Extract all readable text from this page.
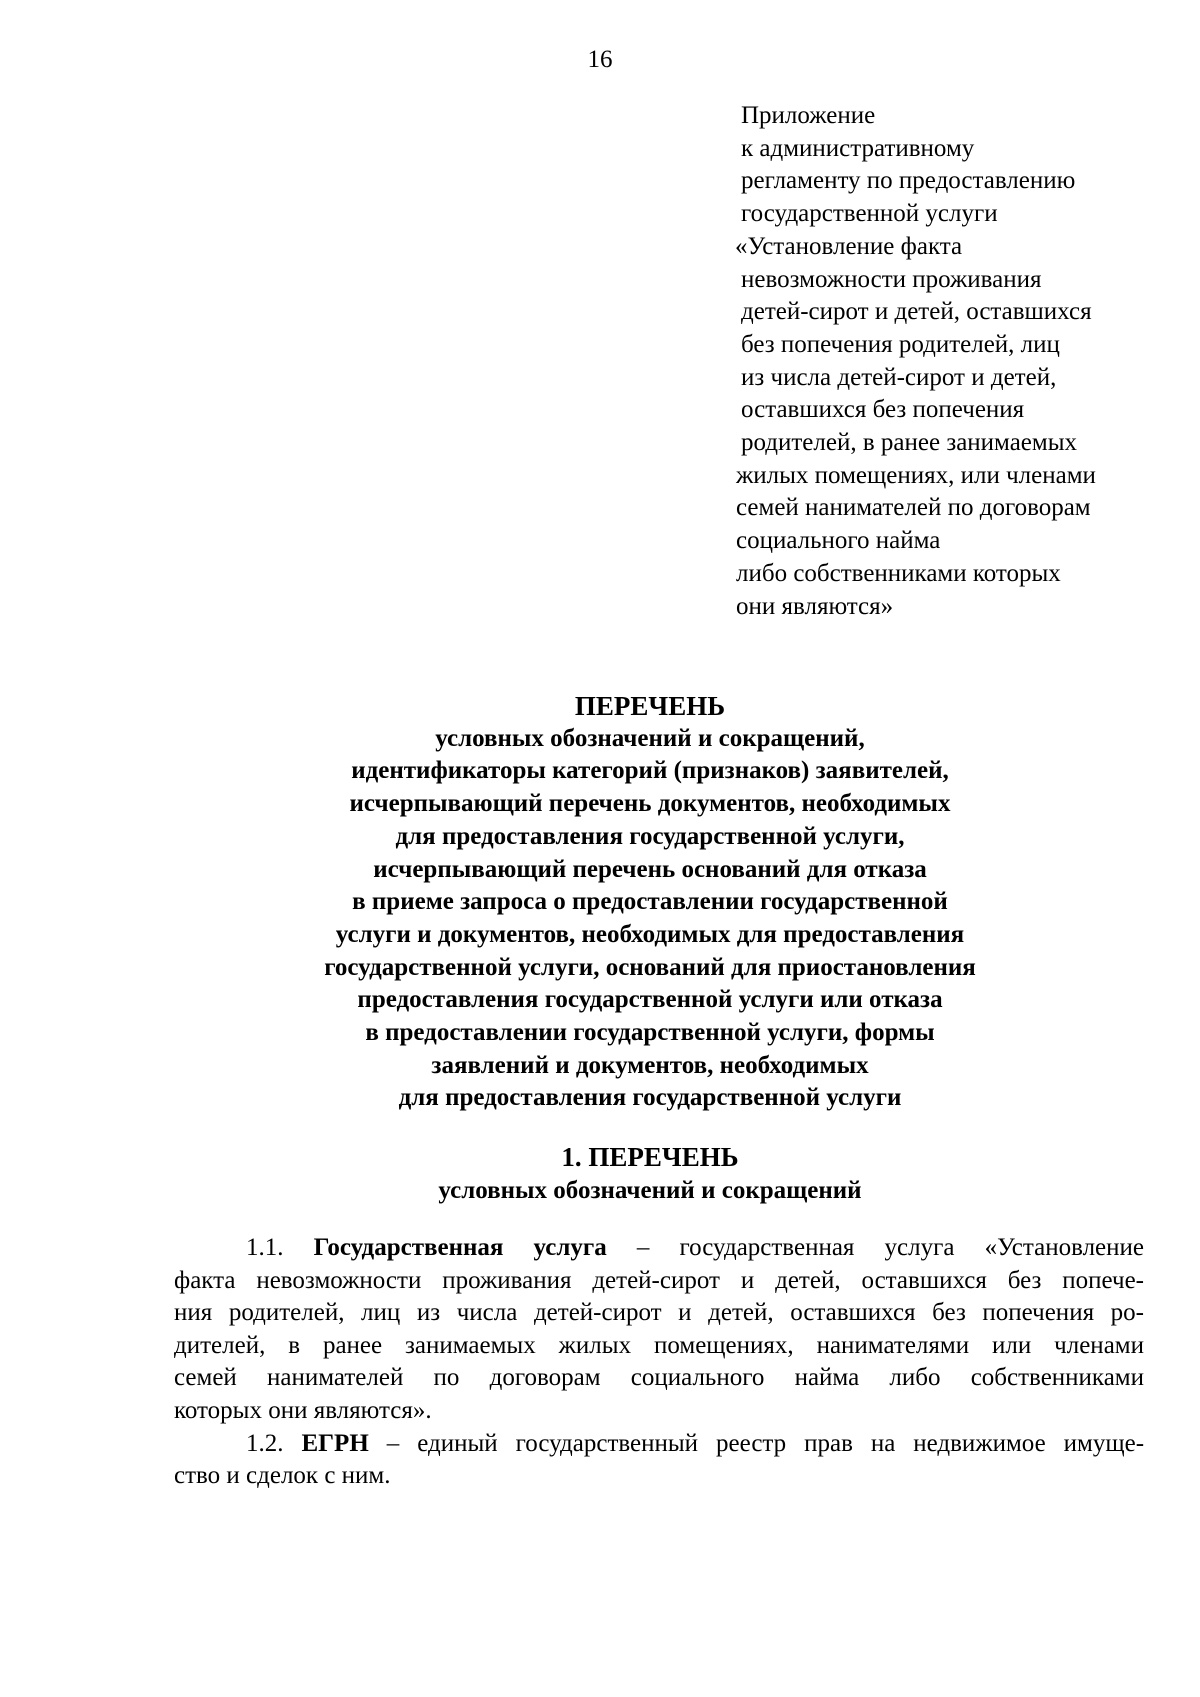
16
Приложение
к административному
регламенту по предоставлению
государственной услуги
«Установление факта
невозможности проживания
детей-сирот и детей, оставшихся
без попечения родителей, лиц
из числа детей-сирот и детей,
оставшихся без попечения
родителей, в ранее занимаемых
жилых помещениях, или членами
семей нанимателей по договорам
социального найма
либо собственниками которых
они являются»
ПЕРЕЧЕНЬ
условных обозначений и сокращений,
идентификаторы категорий (признаков) заявителей,
исчерпывающий перечень документов, необходимых
для предоставления государственной услуги,
исчерпывающий перечень оснований для отказа
в приеме запроса о предоставлении государственной
услуги и документов, необходимых для предоставления
государственной услуги, оснований для приостановления
предоставления государственной услуги или отказа
в предоставлении государственной услуги, формы
заявлений и документов, необходимых
для предоставления государственной услуги
1. ПЕРЕЧЕНЬ
условных обозначений и сокращений
1.1. Государственная услуга – государственная услуга «Установление
факта невозможности проживания детей-сирот и детей, оставшихся без попече-
ния родителей, лиц из числа детей-сирот и детей, оставшихся без попечения ро-
дителей, в ранее занимаемых жилых помещениях, нанимателями или членами
семей нанимателей по договорам социального найма либо собственниками
которых они являются».
1.2. ЕГРН – единый государственный реестр прав на недвижимое имуще-
ство и сделок с ним.
